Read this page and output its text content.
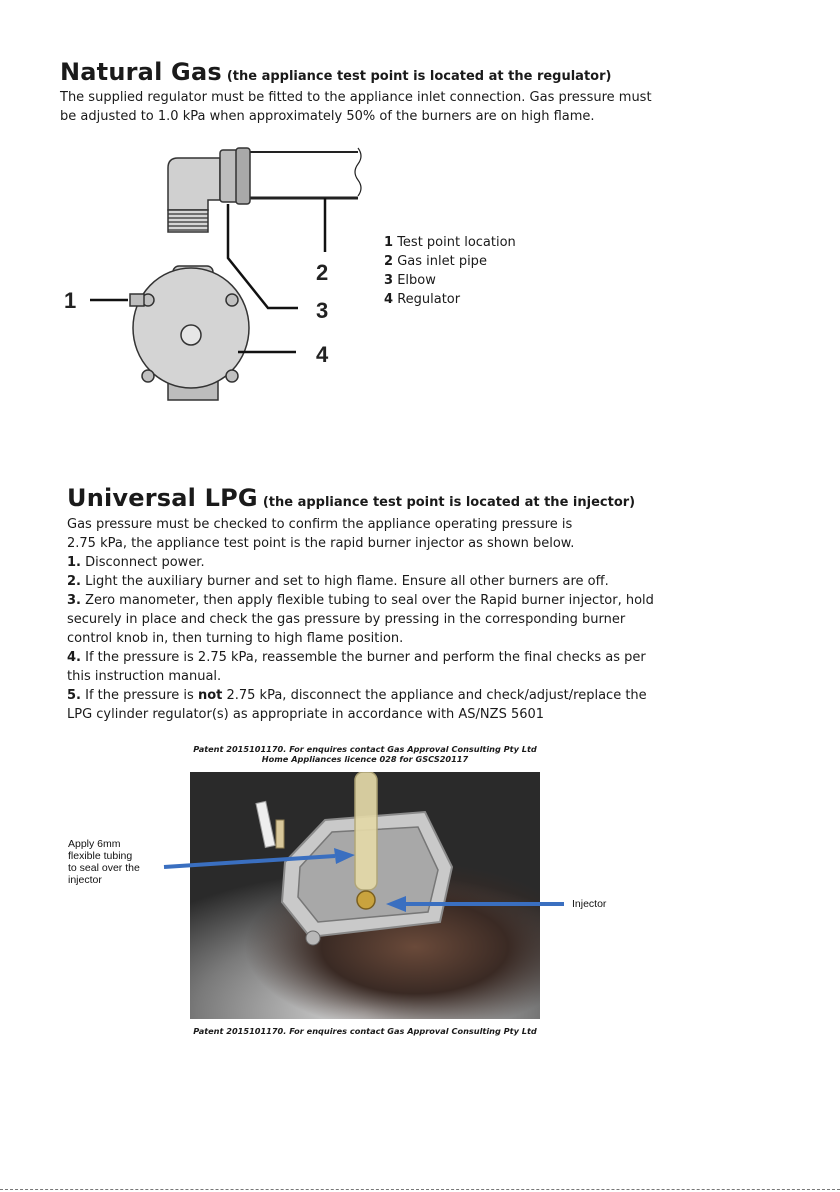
Natural Gas (the appliance test point is located at the regulator)
The supplied regulator must be fitted to the appliance inlet connection. Gas pressure must
be adjusted to 1.0 kPa when approximately 50% of the burners are on high flame.
1
2
3
4
1 Test point location
2 Gas inlet pipe
3 Elbow
4 Regulator
Universal LPG (the appliance test point is located at the injector)
Gas pressure must be checked to confirm the appliance operating pressure is
2.75 kPa, the appliance test point is the rapid burner injector as shown below.
1. Disconnect power.
2. Light the auxiliary burner and set to high flame. Ensure all other burners are off.
3. Zero manometer, then apply flexible tubing to seal over the Rapid burner injector, hold
securely in place and check the gas pressure by pressing in the corresponding burner
control knob in, then turning to high flame position.
4. If the pressure is 2.75 kPa, reassemble the burner and perform the final checks as per
this instruction manual.
5. If the pressure is not 2.75 kPa, disconnect the appliance and check/adjust/replace the
LPG cylinder regulator(s) as appropriate in accordance with AS/NZS 5601
Patent 2015101170. For enquires contact Gas Approval Consulting Pty Ltd
Home Appliances licence 028 for GSCS20117
Apply 6mm
flexible tubing
to seal over the
injector
Injector
Patent 2015101170. For enquires contact Gas Approval Consulting Pty Ltd
